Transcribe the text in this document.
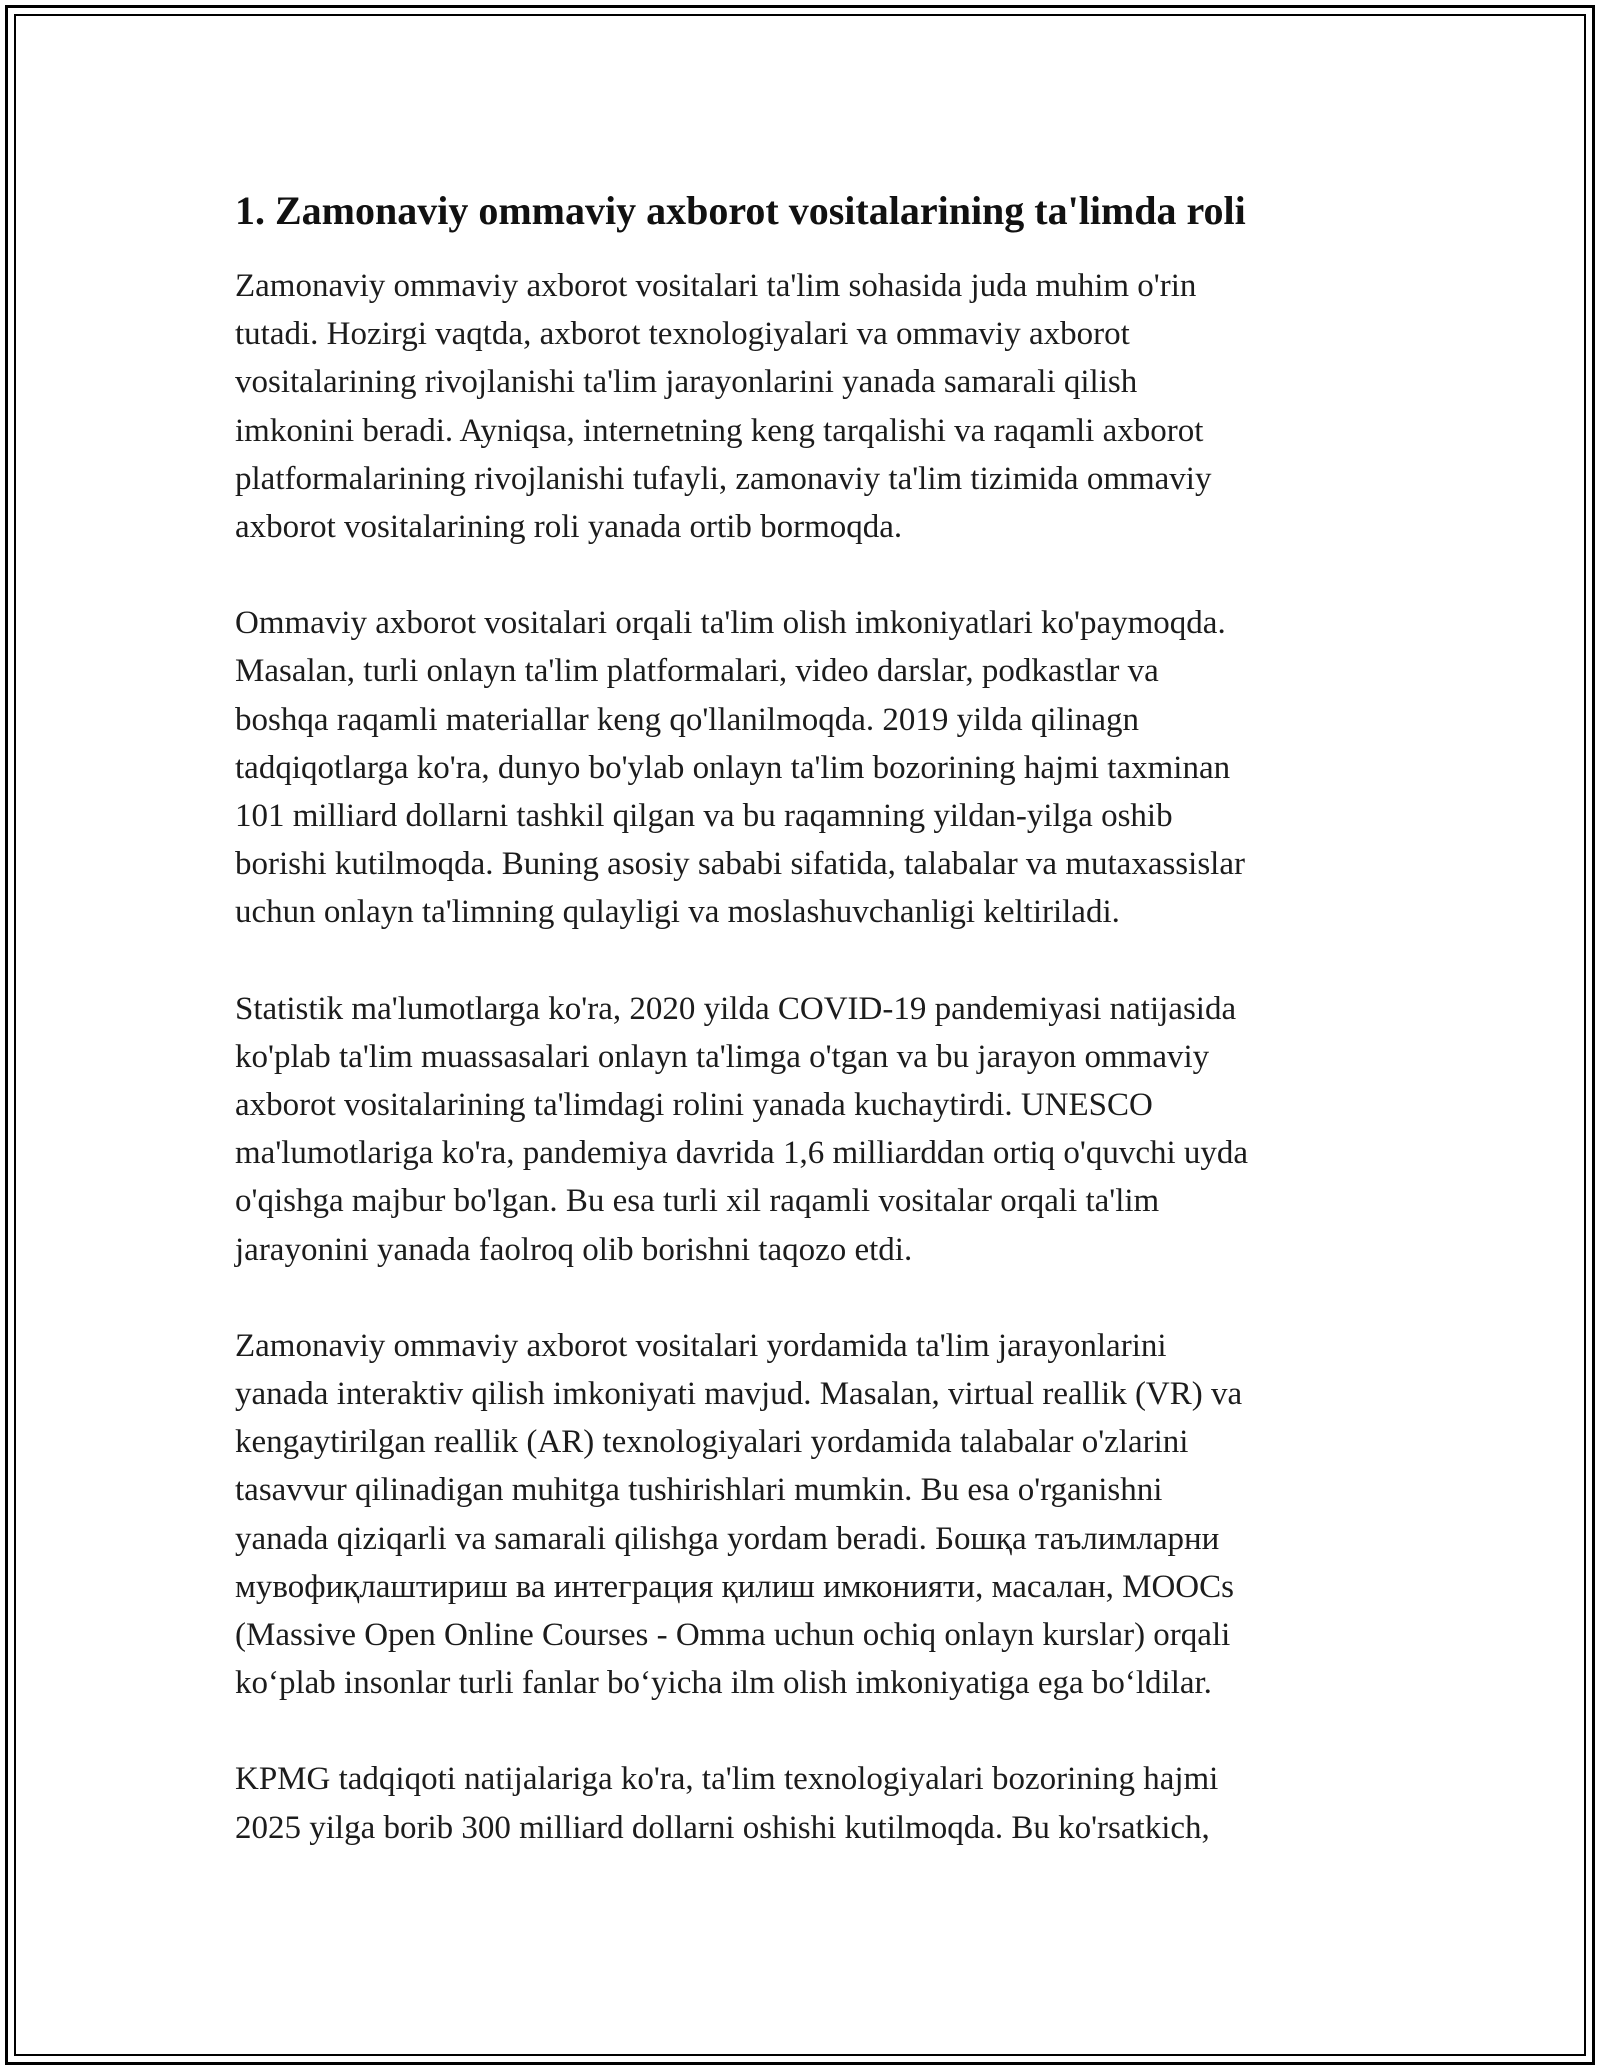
1. Zamonaviy ommaviy axborot vositalarining ta'limda roli

Zamonaviy ommaviy axborot vositalari ta'lim sohasida juda muhim o'rin
tutadi. Hozirgi vaqtda, axborot texnologiyalari va ommaviy axborot
vositalarining rivojlanishi ta'lim jarayonlarini yanada samarali qilish
imkonini beradi. Ayniqsa, internetning keng tarqalishi va raqamli axborot
platformalarining rivojlanishi tufayli, zamonaviy ta'lim tizimida ommaviy
axborot vositalarining roli yanada ortib bormoqda.

Ommaviy axborot vositalari orqali ta'lim olish imkoniyatlari ko'paymoqda.
Masalan, turli onlayn ta'lim platformalari, video darslar, podkastlar va
boshqa raqamli materiallar keng qo'llanilmoqda. 2019 yilda qilinagn
tadqiqotlarga ko'ra, dunyo bo'ylab onlayn ta'lim bozorining hajmi taxminan
101 milliard dollarni tashkil qilgan va bu raqamning yildan-yilga oshib
borishi kutilmoqda. Buning asosiy sababi sifatida, talabalar va mutaxassislar
uchun onlayn ta'limning qulayligi va moslashuvchanligi keltiriladi.

Statistik ma'lumotlarga ko'ra, 2020 yilda COVID-19 pandemiyasi natijasida
ko'plab ta'lim muassasalari onlayn ta'limga o'tgan va bu jarayon ommaviy
axborot vositalarining ta'limdagi rolini yanada kuchaytirdi. UNESCO
ma'lumotlariga ko'ra, pandemiya davrida 1,6 milliarddan ortiq o'quvchi uyda
o'qishga majbur bo'lgan. Bu esa turli xil raqamli vositalar orqali ta'lim
jarayonini yanada faolroq olib borishni taqozo etdi.

Zamonaviy ommaviy axborot vositalari yordamida ta'lim jarayonlarini
yanada interaktiv qilish imkoniyati mavjud. Masalan, virtual reallik (VR) va
kengaytirilgan reallik (AR) texnologiyalari yordamida talabalar o'zlarini
tasavvur qilinadigan muhitga tushirishlari mumkin. Bu esa o'rganishni
yanada qiziqarli va samarali qilishga yordam beradi. Бошқа таълимларни
мувофиқлаштириш ва интеграция қилиш имконияти, масалан, MOOCs
(Massive Open Online Courses - Omma uchun ochiq onlayn kurslar) orqali
ko‘plab insonlar turli fanlar bo‘yicha ilm olish imkoniyatiga ega bo‘ldilar.

KPMG tadqiqoti natijalariga ko'ra, ta'lim texnologiyalari bozorining hajmi
2025 yilga borib 300 milliard dollarni oshishi kutilmoqda. Bu ko'rsatkich,
